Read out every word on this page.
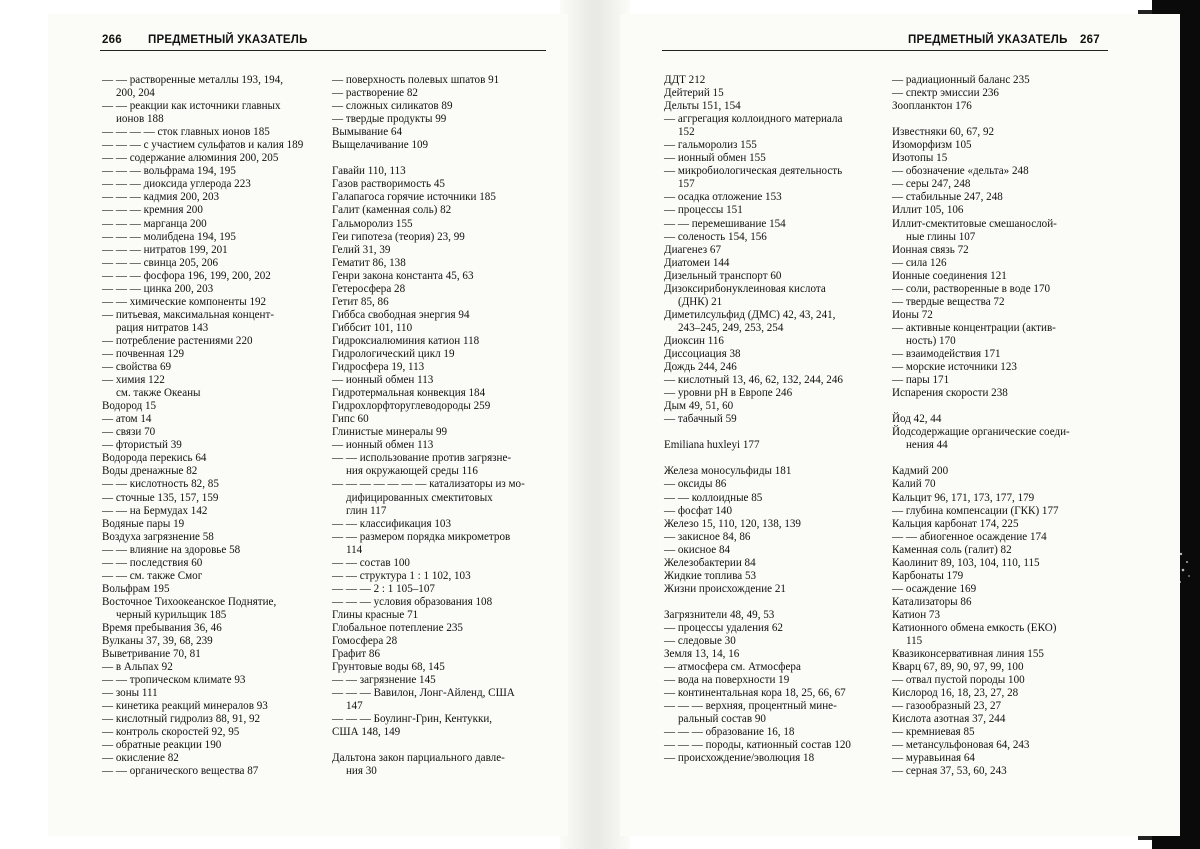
266 ПРЕДМЕТНЫЙ УКАЗАТЕЛЬ	ПРЕДМЕТНЫЙ УКАЗАТЕЛЬ 267
— — растворенные металлы 193, 194,
200, 204
— — реакции как источники главных
ионов 188
— — — — сток главных ионов 185
— — — с участием сульфатов и калия 189
— — содержание алюминия 200, 205
— — — вольфрама 194, 195
— — — диоксида углерода 223
— — — кадмия 200, 203
— — — кремния 200
— — — марганца 200
— — — молибдена 194, 195
— — — нитратов 199, 201
— — — свинца 205, 206
— — — фосфора 196, 199, 200, 202
— — — цинка 200, 203
— — химические компоненты 192
— питьевая, максимальная концент-
рация нитратов 143
— потребление растениями 220
— почвенная 129
— свойства 69
— химия 122
см. также Океаны
Водород 15
— атом 14
— связи 70
— фтористый 39
Водорода перекись 64
Воды дренажные 82
— — кислотность 82, 85
— сточные 135, 157, 159
— — на Бермудах 142
Водяные пары 19
Воздуха загрязнение 58
— — влияние на здоровье 58
— — последствия 60
— — см. также Смог
Вольфрам 195
Восточное Тихоокеанское Поднятие,
черный курильщик 185
Время пребывания 36, 46
Вулканы 37, 39, 68, 239
Выветривание 70, 81
— в Альпах 92
— — тропическом климате 93
— зоны 111
— кинетика реакций минералов 93
— кислотный гидролиз 88, 91, 92
— контроль скоростей 92, 95
— обратные реакции 190
— окисление 82
— — органического вещества 87
— поверхность полевых шпатов 91
— растворение 82
— сложных силикатов 89
— твердые продукты 99
Вымывание 64
Выщелачивание 109

Гавайи 110, 113
Газов растворимость 45
Галапагоса горячие источники 185
Галит (каменная соль) 82
Гальморолиз 155
Геи гипотеза (теория) 23, 99
Гелий 31, 39
Гематит 86, 138
Генри закона константа 45, 63
Гетеросфера 28
Гетит 85, 86
Гиббса свободная энергия 94
Гиббсит 101, 110
Гидроксиалюминия катион 118
Гидрологический цикл 19
Гидросфера 19, 113
— ионный обмен 113
Гидротермальная конвекция 184
Гидрохлорфторуглеводороды 259
Гипс 60
Глинистые минералы 99
— ионный обмен 113
— — использование против загрязне-
ния окружающей среды 116
— — — — — — — катализаторы из мо-
дифицированных смектитовых
глин 117
— — классификация 103
— — размером порядка микрометров
114
— — состав 100
— — структура 1 : 1 102, 103
— — — 2 : 1 105–107
— — — условия образования 108
Глины красные 71
Глобальное потепление 235
Гомосфера 28
Графит 86
Грунтовые воды 68, 145
— — загрязнение 145
— — — Вавилон, Лонг-Айленд, США
147
— — — Боулинг-Грин, Кентукки,
США 148, 149

Дальтона закон парциального давле-
ния 30
ДДТ 212
Дейтерий 15
Дельты 151, 154
— аггрегация коллоидного материала
152
— гальморолиз 155
— ионный обмен 155
— микробиологическая деятельность
157
— осадка отложение 153
— процессы 151
— — перемешивание 154
— соленость 154, 156
Диагенез 67
Диатомеи 144
Дизельный транспорт 60
Дизоксирибонуклеиновая кислота
(ДНК) 21
Диметилсульфид (ДМС) 42, 43, 241,
243–245, 249, 253, 254
Диоксин 116
Диссоциация 38
Дождь 244, 246
— кислотный 13, 46, 62, 132, 244, 246
— уровни pH в Европе 246
Дым 49, 51, 60
— табачный 59

Emiliana huxleyi 177

Железа моносульфиды 181
— оксиды 86
— — коллоидные 85
— фосфат 140
Железо 15, 110, 120, 138, 139
— закисное 84, 86
— окисное 84
Железобактерии 84
Жидкие топлива 53
Жизни происхождение 21

Загрязнители 48, 49, 53
— процессы удаления 62
— следовые 30
Земля 13, 14, 16
— атмосфера см. Атмосфера
— вода на поверхности 19
— континентальная кора 18, 25, 66, 67
— — — верхняя, процентный мине-
ральный состав 90
— — — образование 16, 18
— — — породы, катионный состав 120
— происхождение/эволюция 18
— радиационный баланс 235
— спектр эмиссии 236
Зоопланктон 176

Известняки 60, 67, 92
Изоморфизм 105
Изотопы 15
— обозначение «дельта» 248
— серы 247, 248
— стабильные 247, 248
Иллит 105, 106
Иллит-смектитовые смешанослой-
ные глины 107
Ионная связь 72
— сила 126
Ионные соединения 121
— соли, растворенные в воде 170
— твердые вещества 72
Ионы 72
— активные концентрации (актив-
ность) 170
— взаимодействия 171
— морские источники 123
— пары 171
Испарения скорости 238

Йод 42, 44
Йодсодержащие органические соеди-
нения 44

Кадмий 200
Калий 70
Кальцит 96, 171, 173, 177, 179
— глубина компенсации (ГКК) 177
Кальция карбонат 174, 225
— — абиогенное осаждение 174
Каменная соль (галит) 82
Каолинит 89, 103, 104, 110, 115
Карбонаты 179
— осаждение 169
Катализаторы 86
Катион 73
Катионного обмена емкость (ЕКО)
115
Квазиконсервативная линия 155
Кварц 67, 89, 90, 97, 99, 100
— отвал пустой породы 100
Кислород 16, 18, 23, 27, 28
— газообразный 23, 27
Кислота азотная 37, 244
— кремниевая 85
— метансульфоновая 64, 243
— муравьиная 64
— серная 37, 53, 60, 243
